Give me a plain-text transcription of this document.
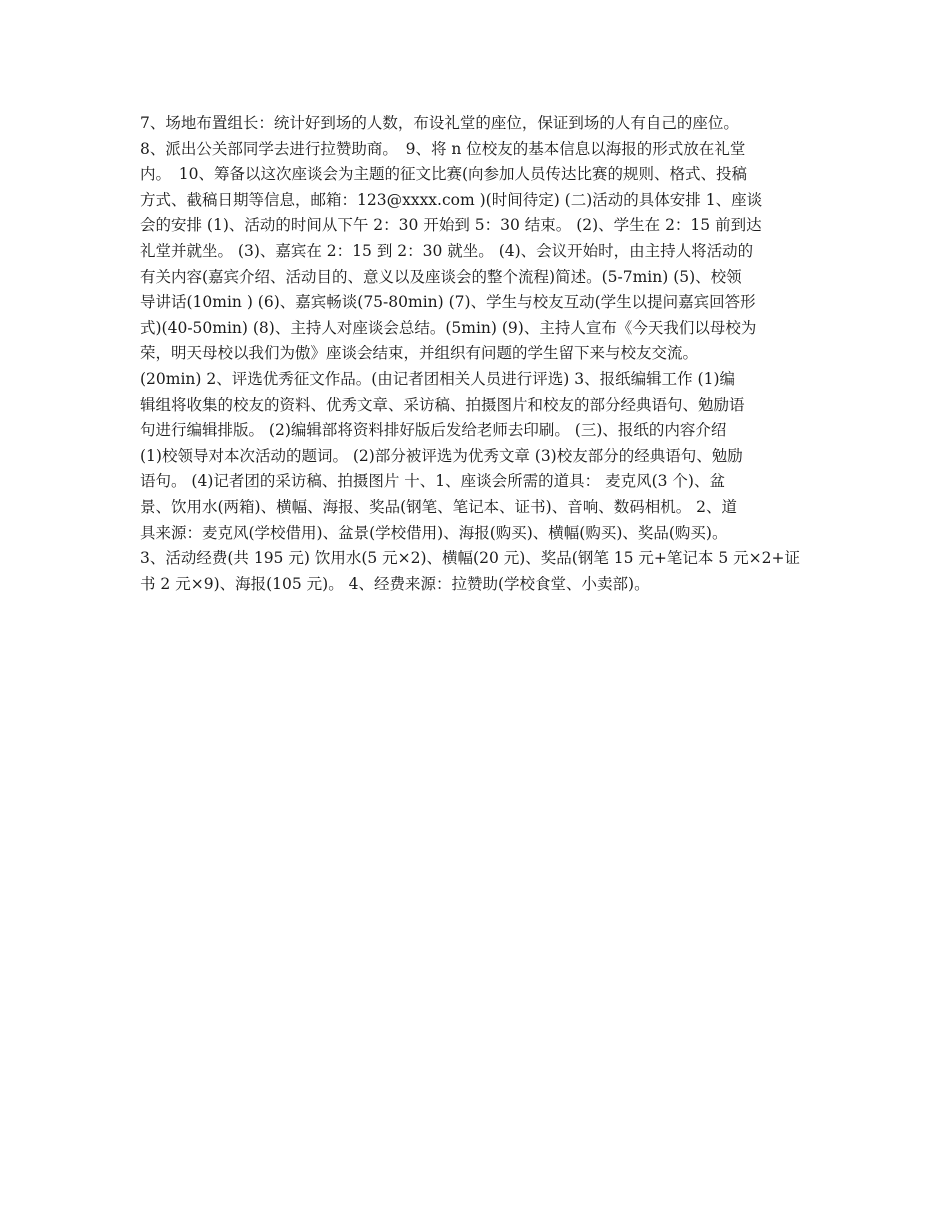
7、场地布置组长：统计好到场的人数，布设礼堂的座位，保证到场的人有自己的座位。
8、派出公关部同学去进行拉赞助商。　9、将 n 位校友的基本信息以海报的形式放在礼堂
内。　10、筹备以这次座谈会为主题的征文比赛(向参加人员传达比赛的规则、格式、投稿
方式、截稿日期等信息，邮箱：123@xxxx.com )(时间待定) (二)活动的具体安排 1、座谈
会的安排 (1)、活动的时间从下午 2：30 开始到 5：30 结束。 (2)、学生在 2：15 前到达
礼堂并就坐。 (3)、嘉宾在 2：15 到 2：30 就坐。 (4)、会议开始时，由主持人将活动的
有关内容(嘉宾介绍、活动目的、意义以及座谈会的整个流程)简述。(5-7min) (5)、校领
导讲话(10min ) (6)、嘉宾畅谈(75-80min) (7)、学生与校友互动(学生以提问嘉宾回答形
式)(40-50min) (8)、主持人对座谈会总结。(5min) (9)、主持人宣布《今天我们以母校为
荣，明天母校以我们为傲》座谈会结束，并组织有问题的学生留下来与校友交流。
(20min) 2、评选优秀征文作品。(由记者团相关人员进行评选) 3、报纸编辑工作 (1)编
辑组将收集的校友的资料、优秀文章、采访稿、拍摄图片和校友的部分经典语句、勉励语
句进行编辑排版。 (2)编辑部将资料排好版后发给老师去印刷。 (三)、报纸的内容介绍
(1)校领导对本次活动的题词。 (2)部分被评选为优秀文章 (3)校友部分的经典语句、勉励
语句。 (4)记者团的采访稿、拍摄图片 十、1、座谈会所需的道具： 麦克风(3 个)、盆
景、饮用水(两箱)、横幅、海报、奖品(钢笔、笔记本、证书)、音响、数码相机。 2、道
具来源：麦克风(学校借用)、盆景(学校借用)、海报(购买)、横幅(购买)、奖品(购买)。
3、活动经费(共 195 元) 饮用水(5 元×2)、横幅(20 元)、奖品(钢笔 15 元+笔记本 5 元×2+证
书 2 元×9)、海报(105 元)。 4、经费来源：拉赞助(学校食堂、小卖部)。
